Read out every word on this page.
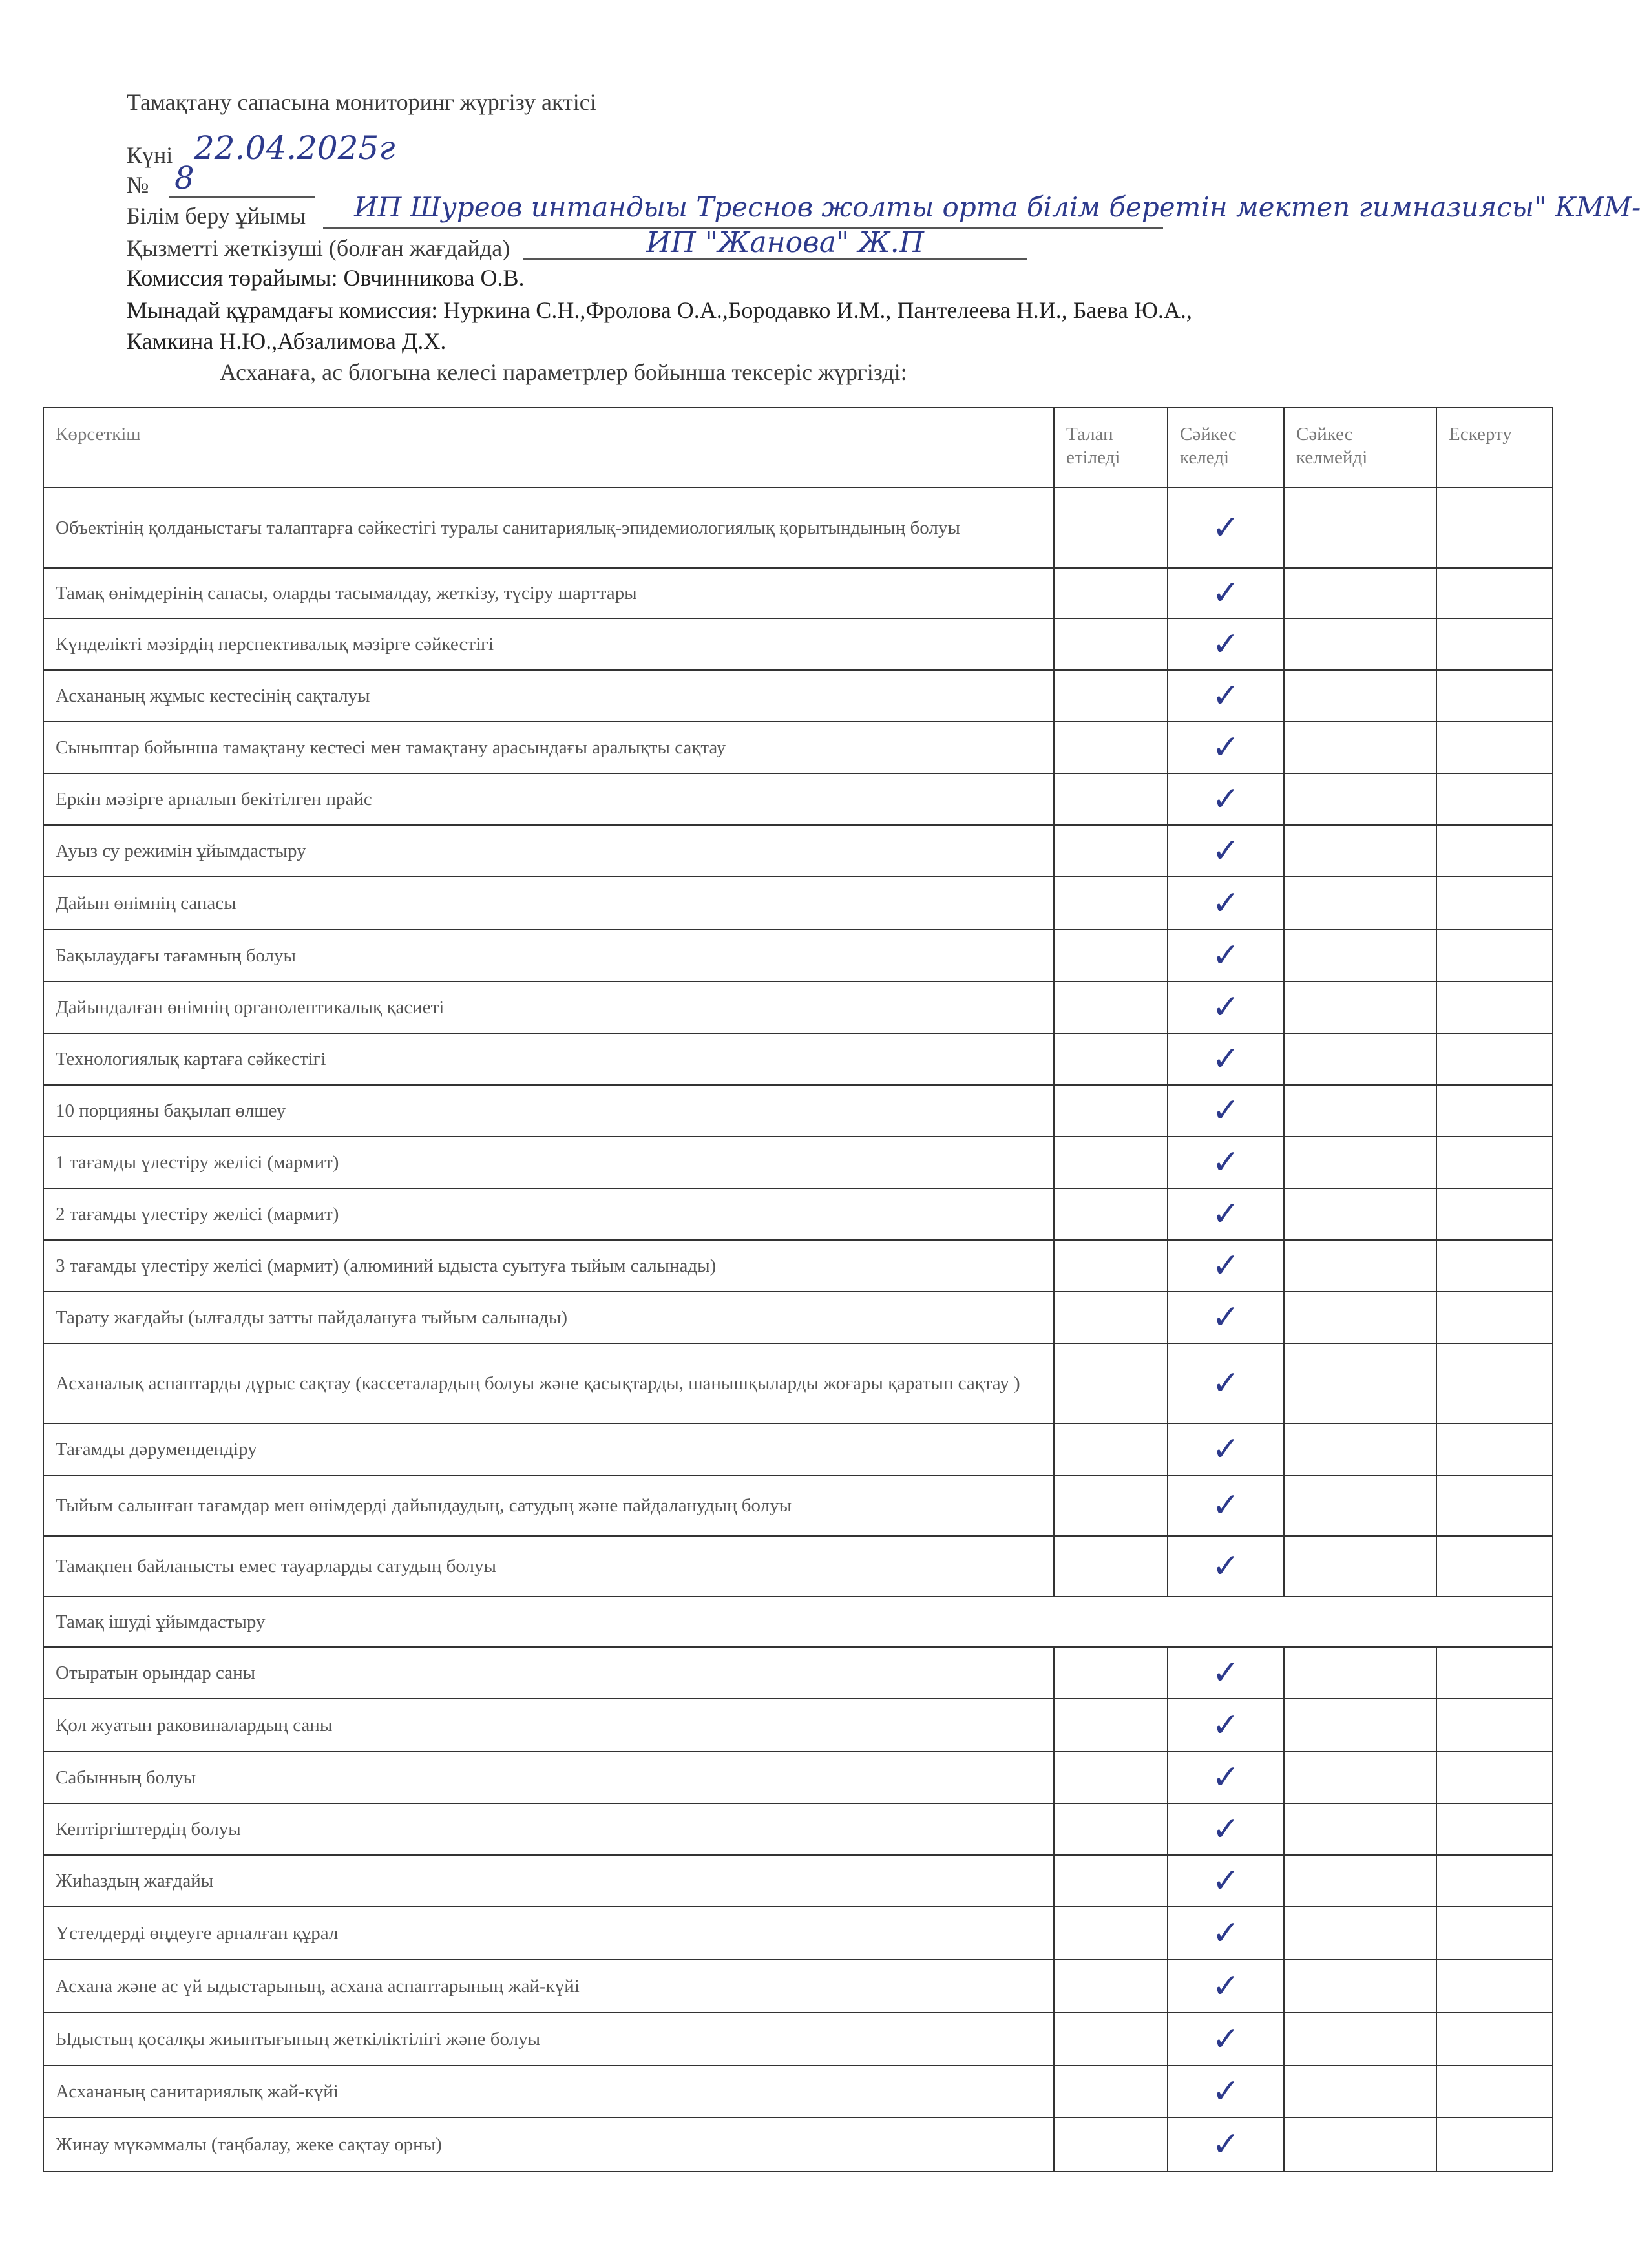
Тамақтану сапасына мониторинг жүргізу актісі
Күні 22.04.2025г
№ 8
Білім беру ұйымы ИП Шуреов интандыы Треснов жолты орта білім беретін мектеп гимназиясы" КММ-
Қызметті жеткізуші (болған жағдайда)	ИП "Жанова" Ж.П
Комиссия төрайымы: Овчинникова О.В.
Мынадай құрамдағы комиссия: Нуркина С.Н.,Фролова О.А.,Бородавко И.М., Пантелеева Н.И., Баева Ю.А.,
Камкина Н.Ю.,Абзалимова Д.Х.
Асханаға, ас блогына келесі параметрлер бойынша тексеріс жүргізді:
Көрсеткіш	Талап етіледі	Сәйкес келеді	Сәйкес келмейді	Ескерту
Объектінің қолданыстағы талаптарға сәйкестігі туралы санитариялық-эпидемиологиялық қорытындының болуы		✓		
Тамақ өнімдерінің сапасы, оларды тасымалдау, жеткізу, түсіру шарттары		✓		
Күнделікті мәзірдің перспективалық мәзірге сәйкестігі		✓		
Асхананың жұмыс кестесінің сақталуы		✓		
Сыныптар бойынша тамақтану кестесі мен тамақтану арасындағы аралықты сақтау		✓		
Еркін мәзірге арналып бекітілген прайс		✓		
Ауыз су режимін ұйымдастыру		✓		
Дайын өнімнің сапасы		✓		
Бақылаудағы тағамның болуы		✓		
Дайындалған өнімнің органолептикалық қасиеті		✓		
Технологиялық картаға сәйкестігі		✓		
10 порцияны бақылап өлшеу		✓		
1 тағамды үлестіру желісі (мармит)		✓		
2 тағамды үлестіру желісі (мармит)		✓		
3 тағамды үлестіру желісі (мармит) (алюминий ыдыста суытуға тыйым салынады)		✓		
Тарату жағдайы (ылғалды затты пайдалануға тыйым салынады)		✓		
Асханалық аспаптарды дұрыс сақтау (кассеталардың болуы және қасықтарды, шанышқыларды жоғары қаратып сақтау )		✓		
Тағамды дәрумендендіру		✓		
Тыйым салынған тағамдар мен өнімдерді дайындаудың, сатудың және пайдаланудың болуы		✓		
Тамақпен байланысты емес тауарларды сатудың болуы		✓		
Тамақ ішуді ұйымдастыру				
Отыратын орындар саны		✓		
Қол жуатын раковиналардың саны		✓		
Сабынның болуы		✓		
Кептіргіштердің болуы		✓		
Жиһаздың жағдайы		✓		
Үстелдерді өңдеуге арналған құрал		✓		
Асхана және ас үй ыдыстарының, асхана аспаптарының жай-күйі		✓		
Ыдыстың қосалқы жиынтығының жеткіліктілігі және болуы		✓		
Асхананың санитариялық жай-күйі		✓		
Жинау мүкәммалы (таңбалау, жеке сақтау орны)		✓		
